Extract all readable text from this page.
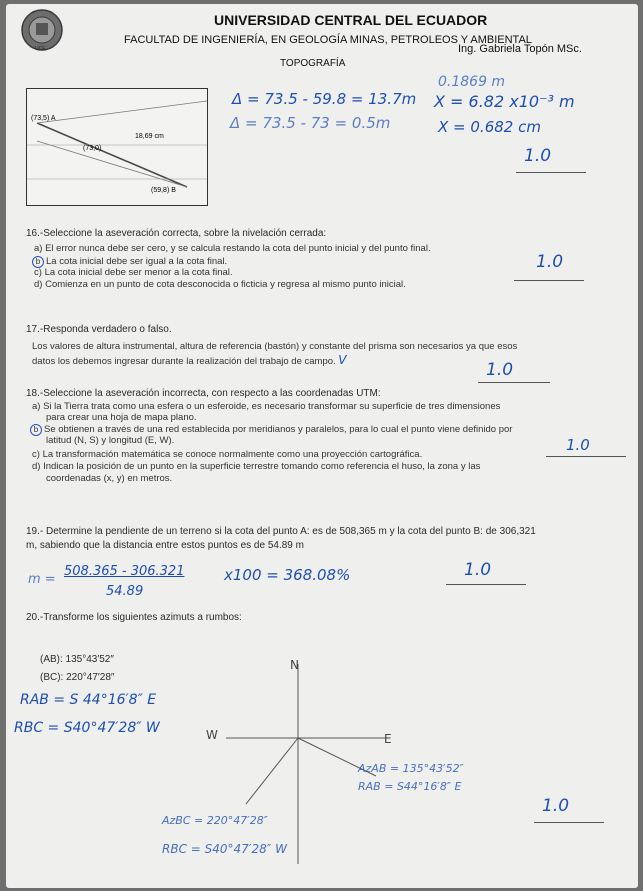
UCE
UNIVERSIDAD CENTRAL DEL ECUADOR
FACULTAD DE INGENIERÍA, EN GEOLOGÍA MINAS, PETROLEOS Y AMBIENTAL
TOPOGRAFÍA
Ing. Gabriela Topón MSc.
(73,5) A
(73,0)
(59,8) B
18,69 cm
Δ = 73.5 - 59.8 = 13.7m
Δ = 73.5 - 73 = 0.5m
0.1869 m
X = 6.82 x10⁻³ m
X = 0.682 cm
1.0
16.-Seleccione la aseveración correcta, sobre la nivelación cerrada:
a) El error nunca debe ser cero, y se calcula restando la cota del punto inicial y del punto final.
b La cota inicial debe ser igual a la cota final.
c) La cota inicial debe ser menor a la cota final.
d) Comienza en un punto de cota desconocida o ficticia y regresa al mismo punto inicial.
1.0
17.-Responda verdadero o falso.
Los valores de altura instrumental, altura de referencia (bastón) y constante del prisma son necesarios ya que esos
datos los debemos ingresar durante la realización del trabajo de campo. V	1.0
18.-Seleccione la aseveración incorrecta, con respecto a las coordenadas UTM:
a) Si la Tierra trata como una esfera o un esferoide, es necesario transformar su superficie de tres dimensiones
para crear una hoja de mapa plano.
b Se obtienen a través de una red establecida por meridianos y paralelos, para lo cual el punto viene definido por
latitud (N, S) y longitud (E, W).
c) La transformación matemática se conoce normalmente como una proyección cartográfica.
d) Indican la posición de un punto en la superficie terrestre tomando como referencia el huso, la zona y las
coordenadas (x, y) en metros.
1.0
19.- Determine la pendiente de un terreno si la cota del punto A: es de 508,365 m y la cota del punto B: de 306,321
m, sabiendo que la distancia entre estos puntos es de 54.89 m
m =
508.365 - 306.321
54.89
x100 = 368.08%	1.0
20.-Transforme los siguientes azimuts a rumbos:
(AB): 135°43′52″
(BC): 220°47′28″
RAB = S 44°16′8″ E
RBC = S40°47′28″ W
N
E
W
AzAB = 135°43′52″
RAB = S44°16′8″ E
AzBC = 220°47′28″
RBC = S40°47′28″ W
1.0
